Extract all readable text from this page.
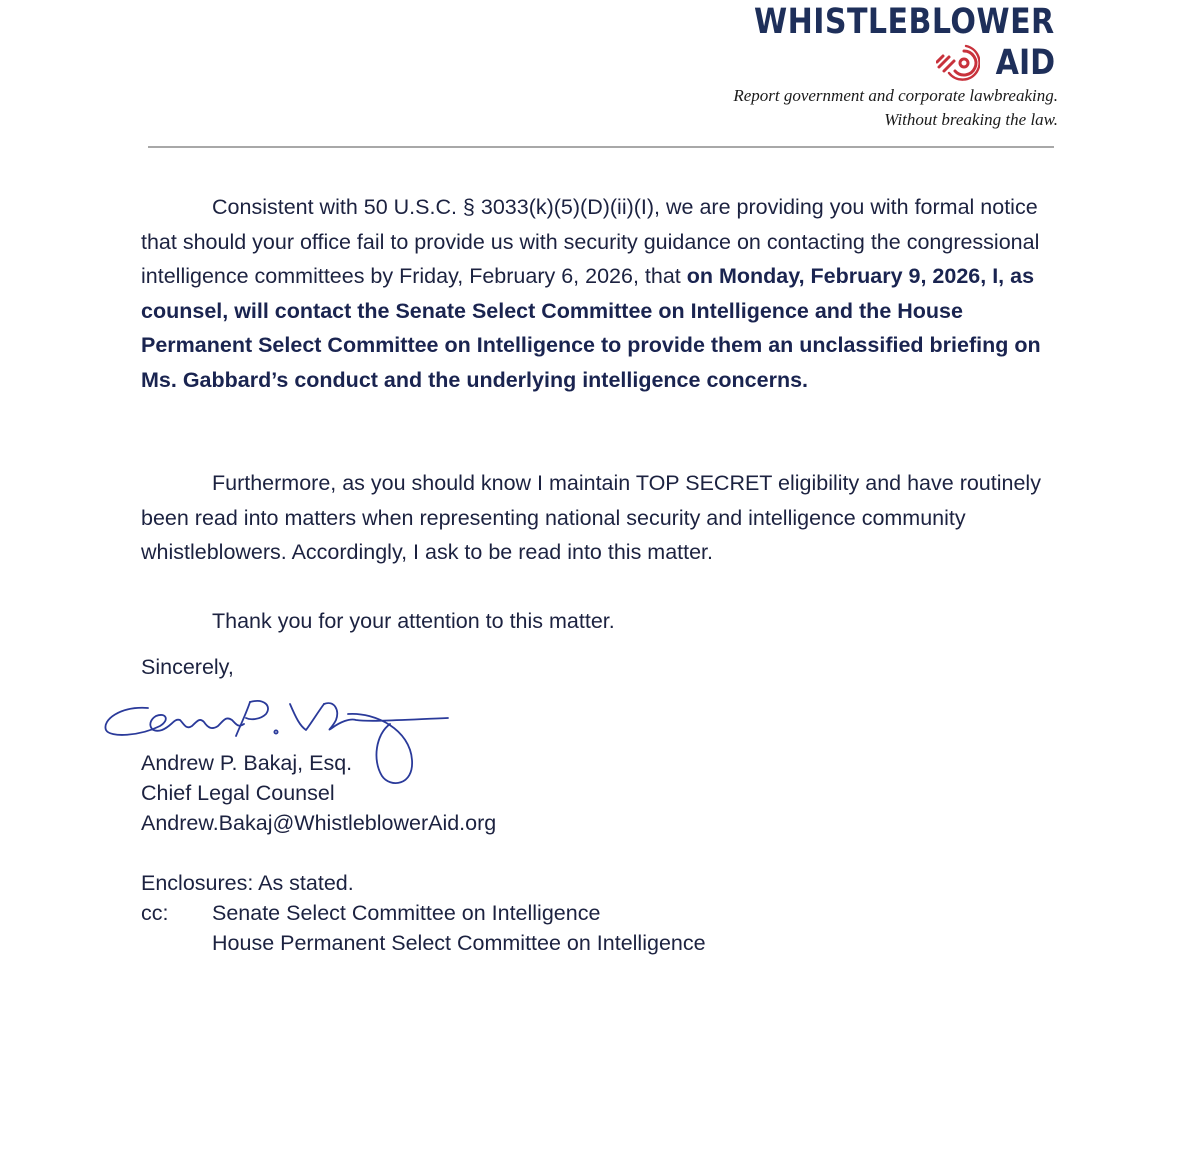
WHISTLEBLOWER
AID
Report government and corporate lawbreaking.
Without breaking the law.
Consistent with 50 U.S.C. § 3033(k)(5)(D)(ii)(I), we are providing you with formal notice that should your office fail to provide us with security guidance on contacting the congressional intelligence committees by Friday, February 6, 2026, that on Monday, February 9, 2026, I, as counsel, will contact the Senate Select Committee on Intelligence and the House Permanent Select Committee on Intelligence to provide them an unclassified briefing on Ms. Gabbard’s conduct and the underlying intelligence concerns.
Furthermore, as you should know I maintain TOP SECRET eligibility and have routinely been read into matters when representing national security and intelligence community whistleblowers. Accordingly, I ask to be read into this matter.
Thank you for your attention to this matter.
Sincerely,
Andrew P. Bakaj, Esq.
Chief Legal Counsel
Andrew.Bakaj@WhistleblowerAid.org
Enclosures: As stated.
cc: Senate Select Committee on Intelligence
House Permanent Select Committee on Intelligence
